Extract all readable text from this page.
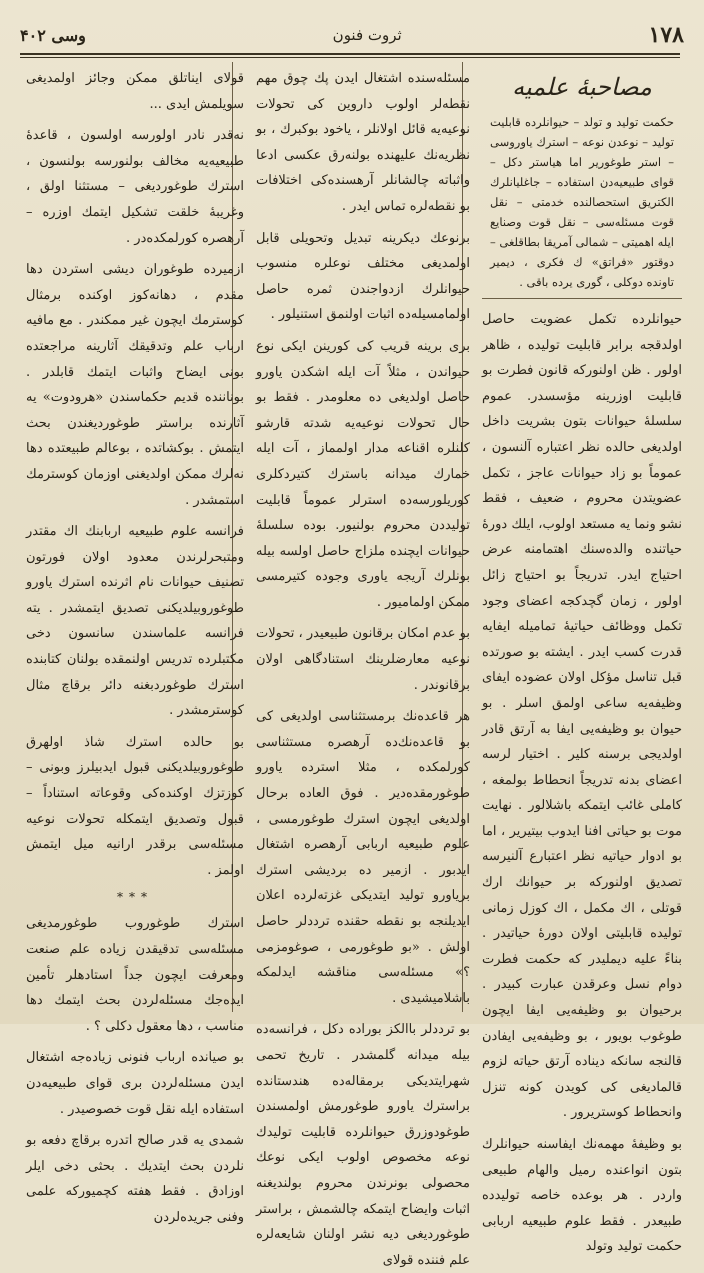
١٧٨
ثروت فنون
وسی ۴۰۲
مصاحبهٔ علمیه
حكمت توليد و تولد – حيوانلرده قابليت توليد – نوعدن نوعه – استرك ياوروسى – استر طوغورير اما هياستر دكل – قواى طبيعيه‌دن استفاده – جاغليانلرك الكتريق استحصالنده خدمتى – نقل قوت مسئله‌سى – نقل قوت وصنايع ايله اهميتى – شمالى آمريقا بطاقلغى – دوقتور «فراتق» ك فكرى ، ديمير تاونده دوكلى ، گورى يرده باقى .

حيوانلرده تكمل عضويت حاصل اولدقجه برابر قابليت توليده ، ظاهر اولور . ظن اولنوركه قانون فطرت بو قابليت اوزرينه مؤسسدر. عموم سلسله‌ٔ حيوانات بتون بشريت داخل اولديغى حالده نظر اعتباره آلنسون ، عموماً بو زاد حيوانات عاجز ، تكمل عضويتدن محروم ، ضعيف ، فقط نشو ونما يه مستعد اولوب، ايلك دوره‌ٔ حياتنده والده‌سنك اهتمامنه عرض احتياج ايدر. تدريجاً بو احتياج زائل اولور ، زمان گچدكجه اعضاى وجود تكمل ووظائف حياتيه‌ٔ تماميله ايفايه قدرت كسب ايدر . ايشته بو صورتده قبل تناسل مؤكل اولان عضوده ايفاى وظيفه‌يه ساعى اولمق اسلر . بو حيوان بو وظيفه‌يى ايفا به آرتق قادر اولديجى برسنه كلير . اختيار لرسه اعضاى بدنه تدريجاً انحطاط بولمغه ، كاملى غائب ايتمكه باشلالور . نهايت موت بو حياتى افنا ايدوب بيتيرير ، اما بو ادوار حياتيه نظر اعتبارع آلنيرسه تصديق اولنوركه بر حيوانك ارك قوتلى ، اك مكمل ، اك كوزل زمانى توليده قابليتى اولان دوره‌ٔ حياتيدر . بناءً عليه ديمليدر كه حكمت فطرت دوام نسل وعرقدن عبارت كبيدر . برحيوان بو وظيفه‌يى ايفا ايچون طوغوب بويور ، بو وظيفه‌يى ايفادن قالنجه سانكه ديناده آرتق حياته لزوم قالماديغى كى كويدن كونه تنزل وانحطاط كوستريرور .

بو وظيفه‌ٔ مهمه‌نك ايفاسنه حيوانلرك بتون انواعنده رميل والهام طبيعى واردر . هر بوعده خاصه توليدده طبيعدر . فقط علوم طبيعيه اربابى حكمت توليد وتولد

مسئله‌سنده اشتغال ايدن پك چوق مهم نقطه‌لر اولوب داروين كى تحولات نوعيه‌يه قائل اولانلر ، ياخود بوكبرك ، بو نظريه‌نك عليهنده بولنه‌رق عكسى ادعا واثباته چالشانلر آرهسنده‌كى اختلافات بو نقطه‌لره تماس ايدر .

برنوعك ديكرينه تبديل وتحويلى قابل اولمديغى مختلف نوعلره منسوب حيوانلرك ازدواجندن ثمره حاصل اولمامسيله‌ده اثبات اولنمق استنيلور .

برى برينه قريب كى كورينن ايكى نوع حيواندن ، مثلاً آت ايله اشكدن ياورو حاصل اولديغى ده معلومدر . فقط بو حال تحولات نوعيه‌يه شدته قارشو كلنلره اقناعه مدار اولمماز ، آت ايله خمارك ميدانه باسترك كتيردكلرى كوريلورسه‌ده استرلر عموماً قابليت توليددن محروم بولنيور. بوده سلسلهٔ حيوانات ايچنده ملزاج حاصل اولسه بيله بونلرك آريجه ياورى وجوده كتيرمسى ممكن اولماميور .

بو عدم امكان برقانون طبيعيدر ، تحولات نوعيه معارضلرينك استنادگاهى اولان برقانوندر .

هر قاعده‌نك برمستثناسى اولديغى كى بو قاعده‌نك‌ده آرهصره مستثناسى كورلمكده ، مثلا استرده ياورو طوغورمقده‌دير . فوق العاده برحال اولديغى ايچون استرك طوغورمسى ، علوم طبيعيه اربابى آرهصره اشتغال ايدبور . ازمير ده برديشى استرك برياورو توليد ايتديكى غزته‌لرده اعلان ايديلنجه بو نقطه حقنده ترددلر حاصل اولش . «بو طوغورمى ، صوغومزمى ؟» مسئله‌سى مناقشه ايدلمكه باشلاميشيدى .

بو ترددلر باالكز بوراده دكل ، فرانسه‌ده بيله ميدانه گلمشدر . تاريخ تحمى شهرايتديكى برمقاله‌ده هندستانده براسترك ياورو طوغورمش اولمسندن طوغودوزرق حيوانلرده قابليت توليدك نوعه مخصوص اولوب ايكى نوعك محصولى بونرندن محروم بولنديغنه اثبات وايضاح ايتمكه چالشمش ، براستر طوغورديغى ديه نشر اولنان شايعه‌لره علم فننده قولاى

قولاى ايناتلق ممكن وجائز اولمديغى سويلمش ايدى ...

نه‌قدر نادر اولورسه اولسون ، قاعدهٔ طبيعيه‌يه مخالف بولنورسه بولنسون ، استرك طوغورديغى – مستثنا اولق ، وغريبهٔ خلقت تشكيل ايتمك اوزره – آرهصره كورلمكده‌در .

ازميرده طوغوران ديشى استردن دها مقدم ، دهانه‌كوز اوكنده برمثال كوسترمك ايچون غير ممكندر . مع مافيه ارباب علم وتدقيقك آثارينه مراجعتده بونى ايضاح واثبات ايتمك قابلدر . بوناننده قديم حكماسندن «هرودوت» يه آثارنده براستر طوغورديغندن بحث ايتمش . بوكشاتده ، بوعالم طبيعتده دها نه‌لرك ممكن اولديغنى اوزمان كوسترمك استمشدر .

فرانسه علوم طبيعيه اربابنك اك مقتدر ومتبحرلرندن معدود اولان فورتون تصنيف حيوانات نام اثرنده استرك ياورو طوغوروبيلديكنى تصديق ايتمشدر . يته فرانسه علماسندن سانسون دخى مكتبلرده تدريس اولنمقده بولنان كتابنده استرك طوغوردبغنه دائر برقاچ مثال كوسترمشدر .

بو حالده استرك شاذ اولهرق طوغوروبيلديكنى قبول ايدبيلرز وبونى – كوزتزك اوكنده‌كى وقوعاته استناداً – قبول وتصديق ايتمكله تحولات نوعيه مسئله‌سى برقدر ارانيه ميل ايتمش اولمز .

***

استرك طوغوروب طوغورمديغى مسئله‌سى تدقيقدن زياده علم صنعت ومعرفت ايچون جداً استادهلر تأمين ايده‌جك مسئله‌لردن بحث ايتمك دها مناسب ، دها معقول دكلى ؟ .

بو صيانده ارباب فنونى زياده‌جه اشتغال ايدن مسئله‌لردن برى قواى طبيعيه‌دن استفاده ايله نقل قوت خصوصيدر .

شمدى يه قدر صالح اتدره برقاچ دفعه بو نلردن بحث ايتديك . بحثى دخى ايلر اوزادق . فقط هفته كچميوركه علمى وفنى جريده‌لردن
